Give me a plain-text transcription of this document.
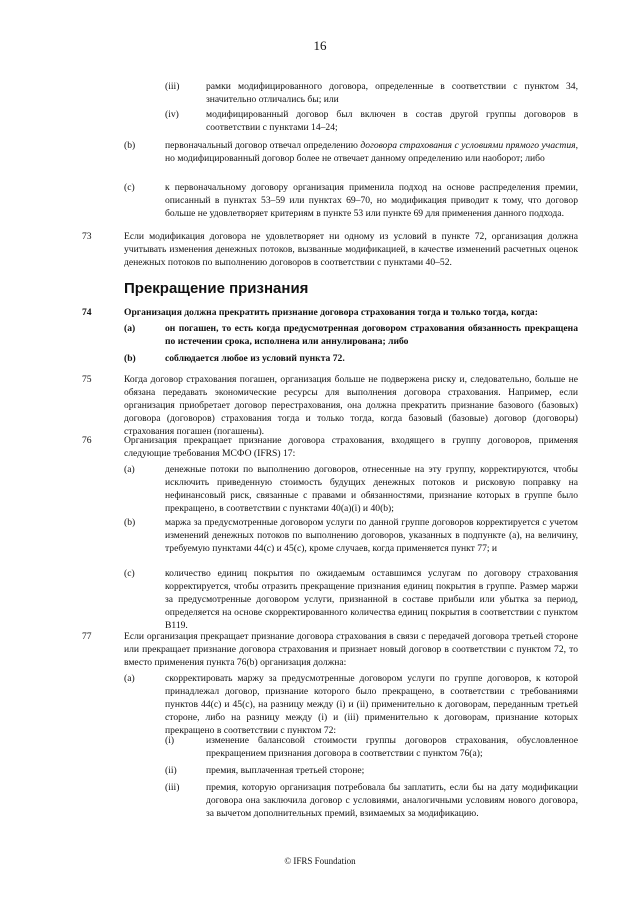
16
(iii)	рамки модифицированного договора, определенные в соответствии с пунктом 34, значительно отличались бы; или
(iv)	модифицированный договор был включен в состав другой группы договоров в соответствии с пунктами 14–24;
(b)	первоначальный договор отвечал определению договора страхования с условиями прямого участия, но модифицированный договор более не отвечает данному определению или наоборот; либо
(c)	к первоначальному договору организация применила подход на основе распределения премии, описанный в пунктах 53–59 или пунктах 69–70, но модификация приводит к тому, что договор больше не удовлетворяет критериям в пункте 53 или пункте 69 для применения данного подхода.
73	Если модификация договора не удовлетворяет ни одному из условий в пункте 72, организация должна учитывать изменения денежных потоков, вызванные модификацией, в качестве изменений расчетных оценок денежных потоков по выполнению договоров в соответствии с пунктами 40–52.
Прекращение признания
74	Организация должна прекратить признание договора страхования тогда и только тогда, когда:
(a)	он погашен, то есть когда предусмотренная договором страхования обязанность прекращена по истечении срока, исполнена или аннулирована; либо
(b)	соблюдается любое из условий пункта 72.
75	Когда договор страхования погашен, организация больше не подвержена риску и, следовательно, больше не обязана передавать экономические ресурсы для выполнения договора страхования. Например, если организация приобретает договор перестрахования, она должна прекратить признание базового (базовых) договора (договоров) страхования тогда и только тогда, когда базовый (базовые) договор (договоры) страхования погашен (погашены).
76	Организация прекращает признание договора страхования, входящего в группу договоров, применяя следующие требования МСФО (IFRS) 17:
(a)	денежные потоки по выполнению договоров, отнесенные на эту группу, корректируются, чтобы исключить приведенную стоимость будущих денежных потоков и рисковую поправку на нефинансовый риск, связанные с правами и обязанностями, признание которых в группе было прекращено, в соответствии с пунктами 40(a)(i) и 40(b);
(b)	маржа за предусмотренные договором услуги по данной группе договоров корректируется с учетом изменений денежных потоков по выполнению договоров, указанных в подпункте (a), на величину, требуемую пунктами 44(c) и 45(c), кроме случаев, когда применяется пункт 77; и
(c)	количество единиц покрытия по ожидаемым оставшимся услугам по договору страхования корректируется, чтобы отразить прекращение признания единиц покрытия в группе. Размер маржи за предусмотренные договором услуги, признанной в составе прибыли или убытка за период, определяется на основе скорректированного количества единиц покрытия в соответствии с пунктом B119.
77	Если организация прекращает признание договора страхования в связи с передачей договора третьей стороне или прекращает признание договора страхования и признает новый договор в соответствии с пунктом 72, то вместо применения пункта 76(b) организация должна:
(a)	скорректировать маржу за предусмотренные договором услуги по группе договоров, к которой принадлежал договор, признание которого было прекращено, в соответствии с требованиями пунктов 44(c) и 45(c), на разницу между (i) и (ii) применительно к договорам, переданным третьей стороне, либо на разницу между (i) и (iii) применительно к договорам, признание которых прекращено в соответствии с пунктом 72:
(i)	изменение балансовой стоимости группы договоров страхования, обусловленное прекращением признания договора в соответствии с пунктом 76(a);
(ii)	премия, выплаченная третьей стороне;
(iii)	премия, которую организация потребовала бы заплатить, если бы на дату модификации договора она заключила договор с условиями, аналогичными условиям нового договора, за вычетом дополнительных премий, взимаемых за модификацию.
© IFRS Foundation
